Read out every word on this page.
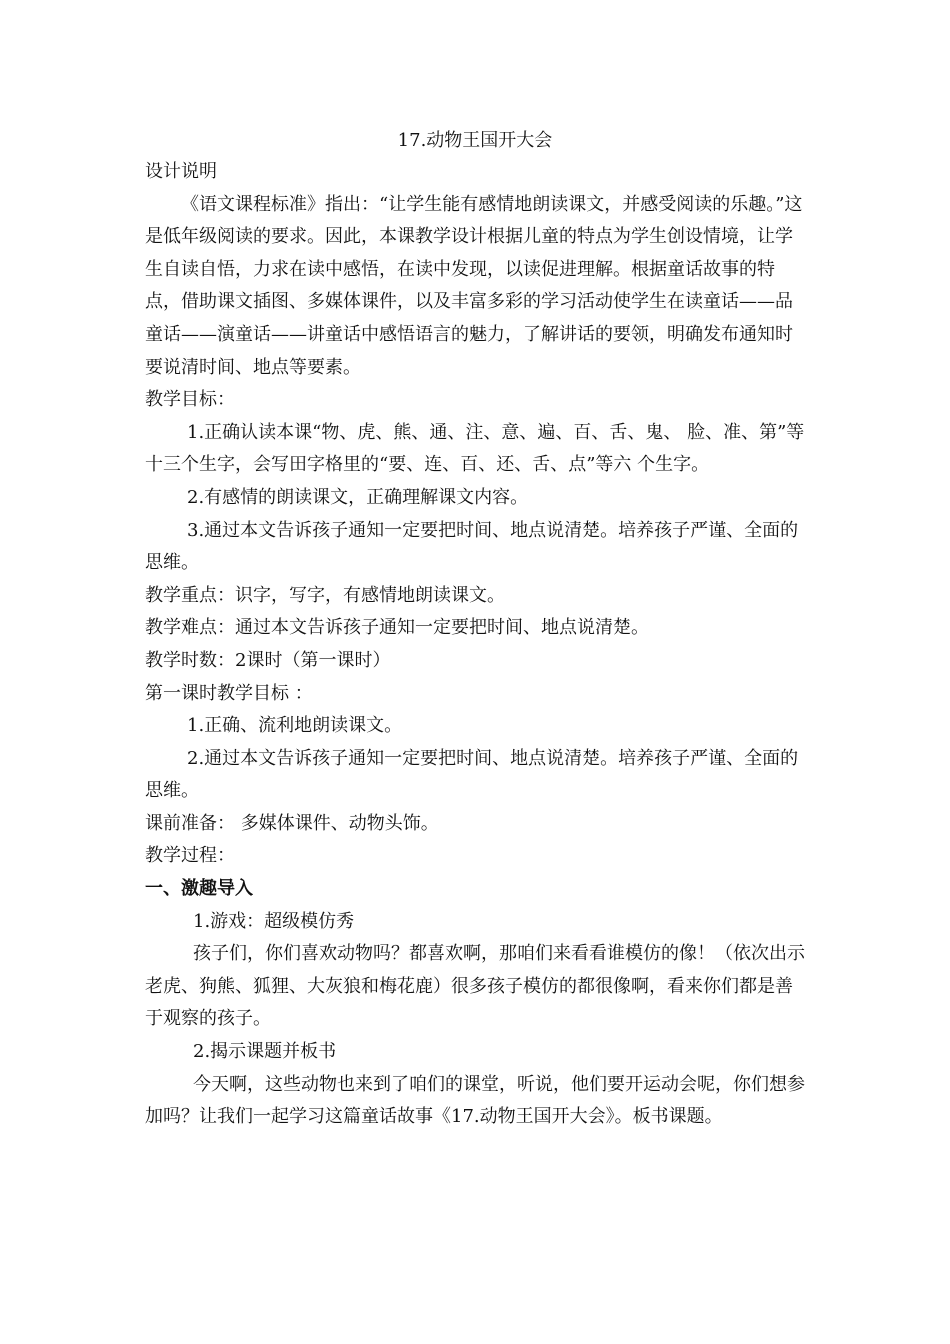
17.动物王国开大会

设计说明

《语文课程标准》指出：“让学生能有感情地朗读课文，并感受阅读的乐趣。”这是低年级阅读的要求。因此，本课教学设计根据儿童的特点为学生创设情境，让学生自读自悟，力求在读中感悟，在读中发现，以读促进理解。根据童话故事的特点，借助课文插图、多媒体课件，以及丰富多彩的学习活动使学生在读童话——品童话——演童话——讲童话中感悟语言的魅力，了解讲话的要领，明确发布通知时要说清时间、地点等要素。

教学目标：

1.正确认读本课“物、虎、熊、通、注、意、遍、百、舌、鬼、 脸、准、第”等十三个生字，会写田字格里的“要、连、百、还、舌、点”等六 个生字。

2.有感情的朗读课文，正确理解课文内容。

3.通过本文告诉孩子通知一定要把时间、地点说清楚。培养孩子严谨、全面的思维。

教学重点：识字，写字，有感情地朗读课文。

教学难点：通过本文告诉孩子通知一定要把时间、地点说清楚。

教学时数：2课时（第一课时）

第一课时教学目标 ：

1.正确、流利地朗读课文。

2.通过本文告诉孩子通知一定要把时间、地点说清楚。培养孩子严谨、全面的思维。

课前准备： 多媒体课件、动物头饰。

教学过程：

一、激趣导入

1.游戏：超级模仿秀

孩子们，你们喜欢动物吗？都喜欢啊，那咱们来看看谁模仿的像！（依次出示老虎、狗熊、狐狸、大灰狼和梅花鹿）很多孩子模仿的都很像啊，看来你们都是善于观察的孩子。

2.揭示课题并板书

今天啊，这些动物也来到了咱们的课堂，听说，他们要开运动会呢，你们想参加吗？让我们一起学习这篇童话故事《17.动物王国开大会》。板书课题。
